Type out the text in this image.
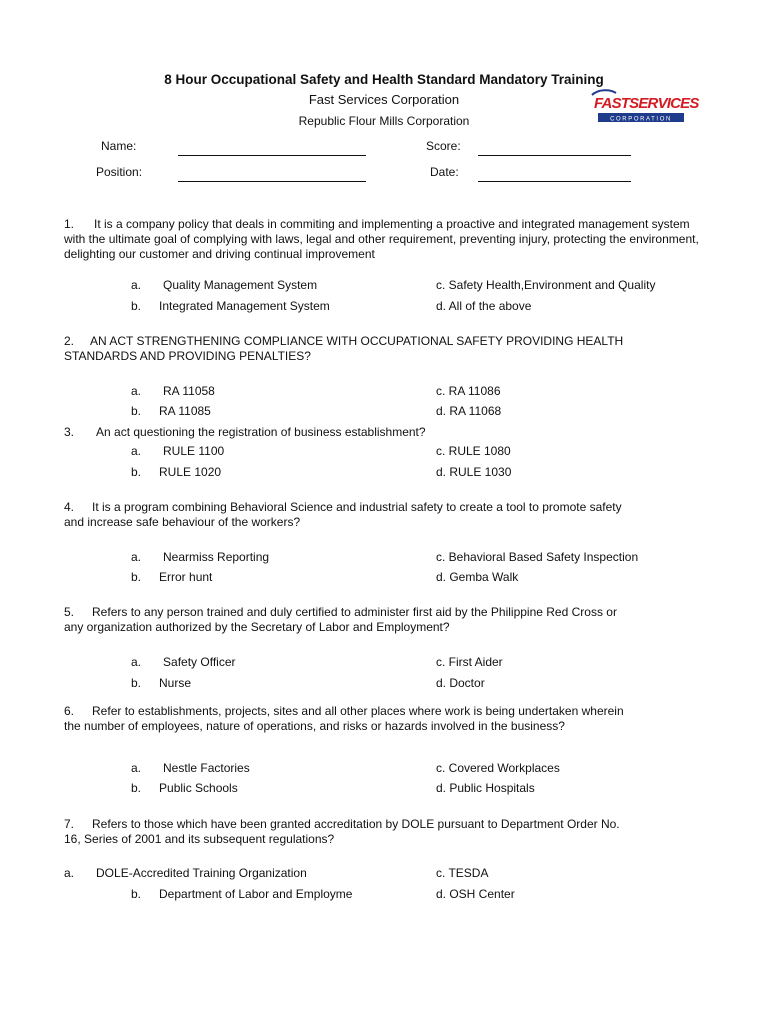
8 Hour Occupational Safety and Health Standard Mandatory Training
Fast Services Corporation
Republic Flour Mills Corporation
FASTSERVICES
CORPORATION
Name:
Position:
Score:
Date:
1. It is a company policy that deals in commiting and implementing a proactive and integrated management system with the ultimate goal of complying with laws, legal and other requirement, preventing injury, protecting the environment, delighting our customer and driving continual improvement
a. Quality Management System
b. Integrated Management System
c. Safety Health,Environment and Quality
d. All of the above
2. AN ACT STRENGTHENING COMPLIANCE WITH OCCUPATIONAL SAFETY PROVIDING HEALTH STANDARDS AND PROVIDING PENALTIES?
a. RA 11058
b. RA 11085
c. RA 11086
d. RA 11068
3. An act questioning the registration of business establishment?
a. RULE 1100
b. RULE 1020
c. RULE 1080
d. RULE 1030
4. It is a program combining Behavioral Science and industrial safety to create a tool to promote safety and increase safe behaviour of the workers?
a. Nearmiss Reporting
b. Error hunt
c. Behavioral Based Safety Inspection
d. Gemba Walk
5. Refers to any person trained and duly certified to administer first aid by the Philippine Red Cross or any organization authorized by the Secretary of Labor and Employment?
a. Safety Officer
b. Nurse
c. First Aider
d. Doctor
6. Refer to establishments, projects, sites and all other places where work is being undertaken wherein the number of employees, nature of operations, and risks or hazards involved in the business?
a. Nestle Factories
b. Public Schools
c. Covered Workplaces
d. Public Hospitals
7. Refers to those which have been granted accreditation by DOLE pursuant to Department Order No. 16, Series of 2001 and its subsequent regulations?
a. DOLE-Accredited Training Organization
b. Department of Labor and Employme
c. TESDA
d. OSH Center
